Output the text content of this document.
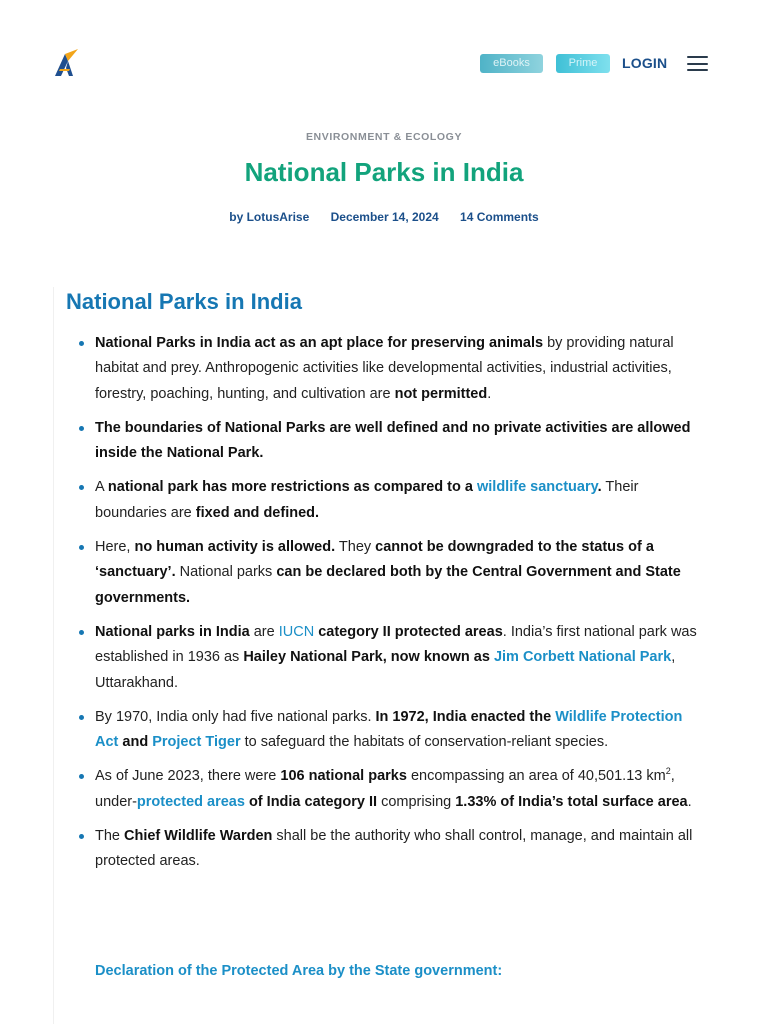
eBooks	Prime	LOGIN
ENVIRONMENT & ECOLOGY
National Parks in India
by LotusArise December 14, 2024 14 Comments
National Parks in India
National Parks in India act as an apt place for preserving animals by providing natural habitat and prey. Anthropogenic activities like developmental activities, industrial activities, forestry, poaching, hunting, and cultivation are not permitted.
The boundaries of National Parks are well defined and no private activities are allowed inside the National Park.
A national park has more restrictions as compared to a wildlife sanctuary. Their boundaries are fixed and defined.
Here, no human activity is allowed. They cannot be downgraded to the status of a ‘sanctuary’. National parks can be declared both by the Central Government and State governments.
National parks in India are IUCN category II protected areas. India’s first national park was established in 1936 as Hailey National Park, now known as Jim Corbett National Park, Uttarakhand.
By 1970, India only had five national parks. In 1972, India enacted the Wildlife Protection Act and Project Tiger to safeguard the habitats of conservation-reliant species.
As of June 2023, there were 106 national parks encompassing an area of 40,501.13 $km^2$, under-protected areas of India category II comprising 1.33% of India’s total surface area.
The Chief Wildlife Warden shall be the authority who shall control, manage, and maintain all protected areas.
Declaration of the Protected Area by the State government:
